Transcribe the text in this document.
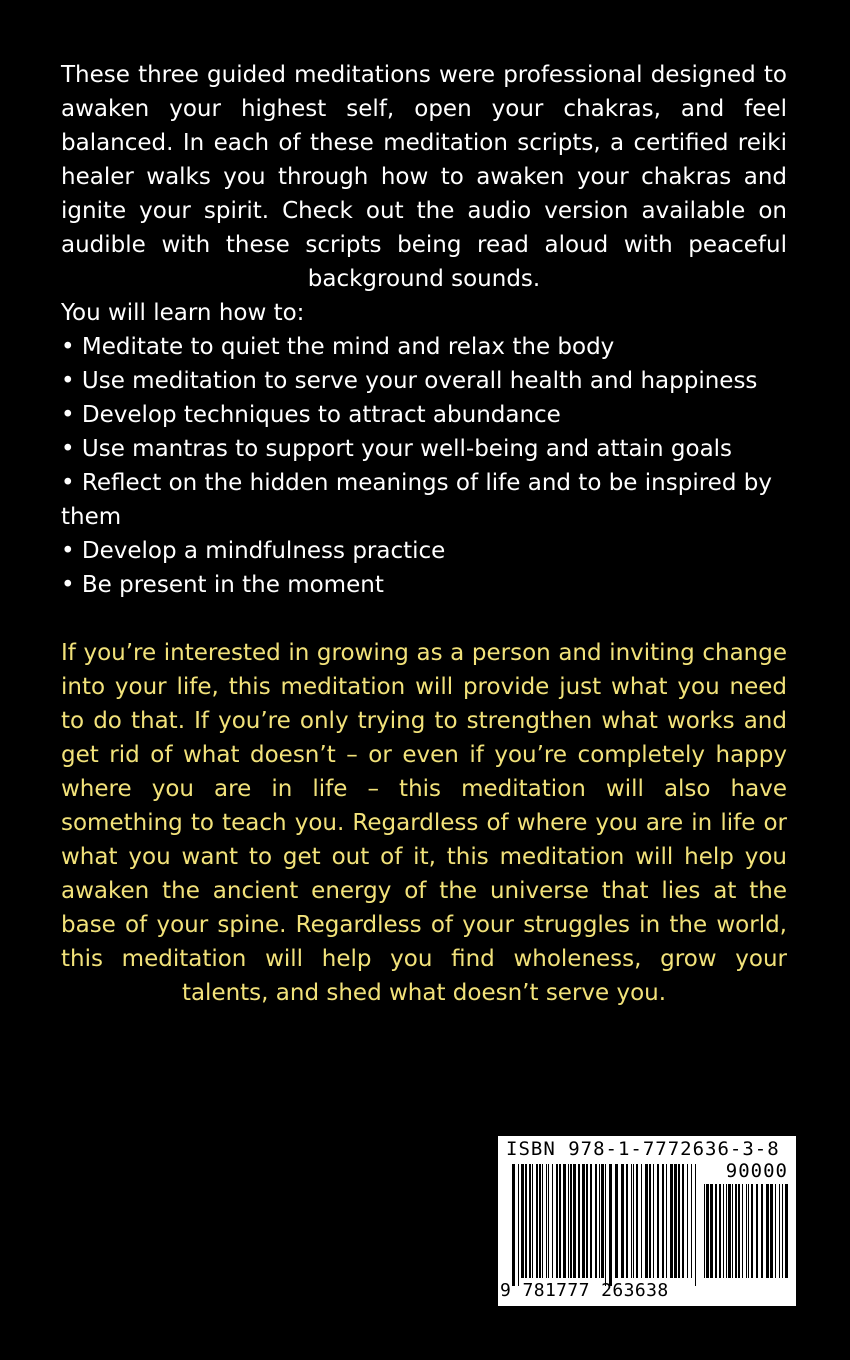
These three guided meditations were professional designed to awaken your highest self, open your chakras, and feel balanced. In each of these meditation scripts, a certified reiki healer walks you through how to awaken your chakras and ignite your spirit. Check out the audio version available on audible with these scripts being read aloud with peaceful background sounds.

You will learn how to:
• Meditate to quiet the mind and relax the body
• Use meditation to serve your overall health and happiness
• Develop techniques to attract abundance
• Use mantras to support your well-being and attain goals
• Reflect on the hidden meanings of life and to be inspired by them
• Develop a mindfulness practice
• Be present in the moment

If you’re interested in growing as a person and inviting change into your life, this meditation will provide just what you need to do that. If you’re only trying to strengthen what works and get rid of what doesn’t – or even if you’re completely happy where you are in life – this meditation will also have something to teach you. Regardless of where you are in life or what you want to get out of it, this meditation will help you awaken the ancient energy of the universe that lies at the base of your spine. Regardless of your struggles in the world, this meditation will help you find wholeness, grow your talents, and shed what doesn’t serve you.

ISBN 978-1-7772636-3-8
90000
9 781777 263638
